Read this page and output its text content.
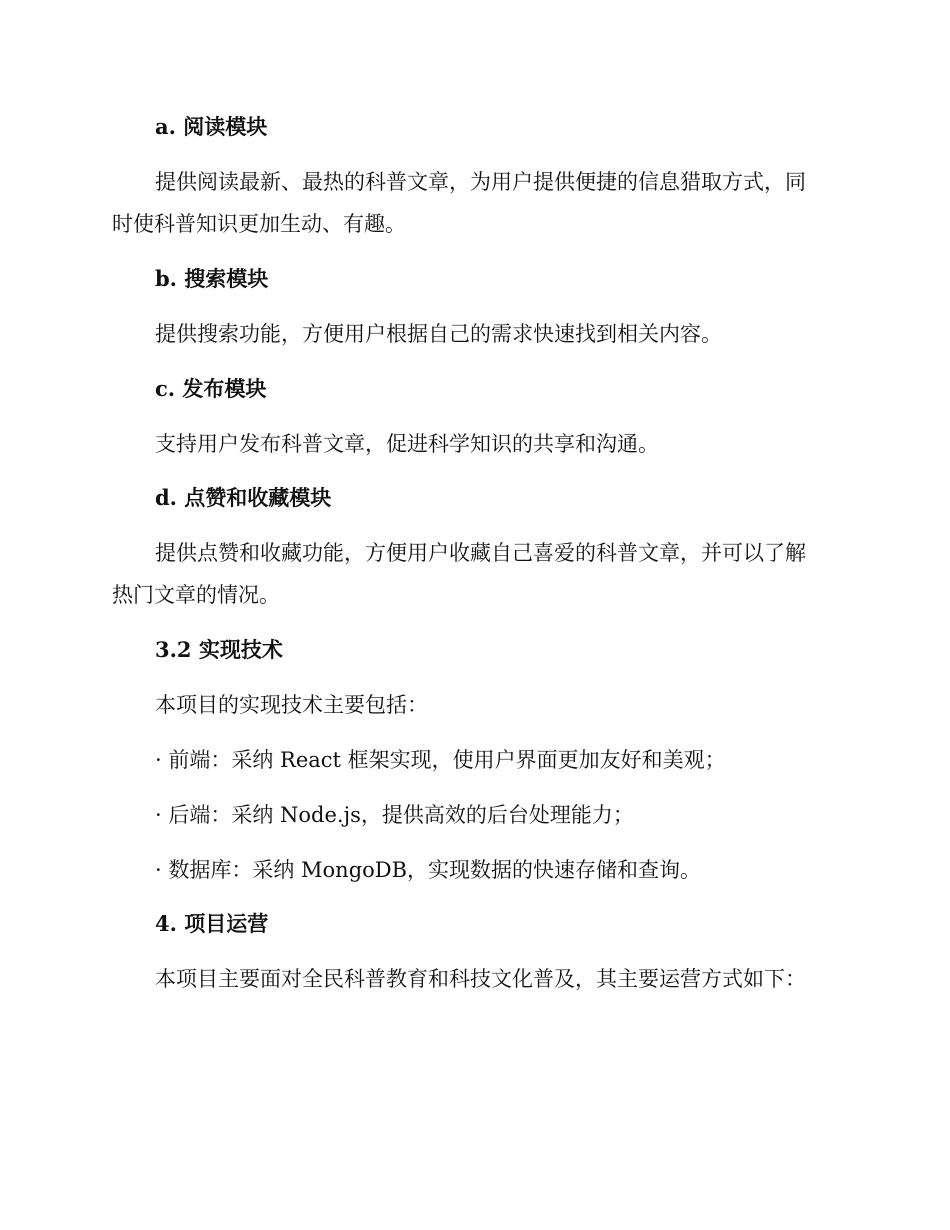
a. 阅读模块

提供阅读最新、最热的科普文章，为用户提供便捷的信息猎取方式，同

时使科普知识更加生动、有趣。

b. 搜索模块

提供搜索功能，方便用户根据自己的需求快速找到相关内容。

c. 发布模块

支持用户发布科普文章，促进科学知识的共享和沟通。

d. 点赞和收藏模块

提供点赞和收藏功能，方便用户收藏自己喜爱的科普文章，并可以了解

热门文章的情况。

3.2 实现技术

本项目的实现技术主要包括：

· 前端：采纳 React 框架实现，使用户界面更加友好和美观；

· 后端：采纳 Node.js，提供高效的后台处理能力；

· 数据库：采纳 MongoDB，实现数据的快速存储和查询。

4. 项目运营

本项目主要面对全民科普教育和科技文化普及，其主要运营方式如下：
